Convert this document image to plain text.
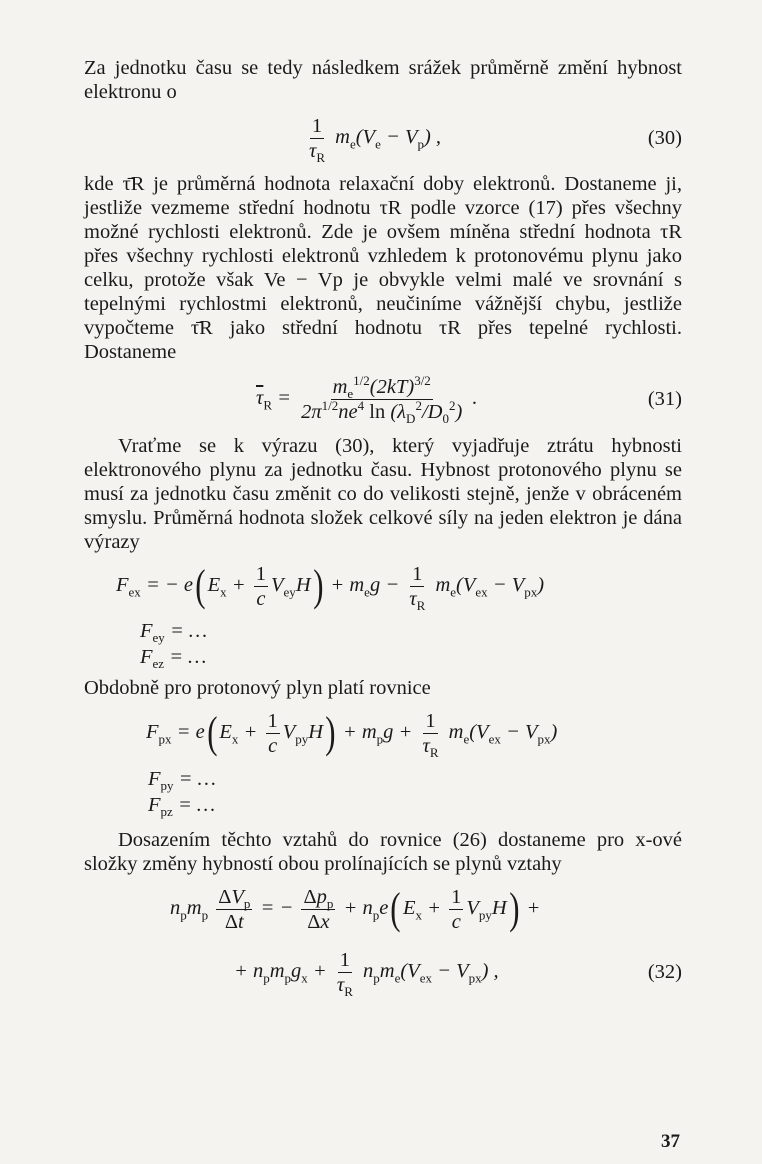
Za jednotku času se tedy následkem srážek průměrně změní hybnost elektronu o

$\frac{1}{\tau_R} m_e(V_e - V_p)$ ,	(30)

kde τ̄R je průměrná hodnota relaxační doby elektronů. Dostaneme ji, jestliže vezmeme střední hodnotu τR podle vzorce (17) přes všechny možné rychlosti elektronů. Zde je ovšem míněna střední hodnota τR přes všechny rychlosti elektronů vzhledem k protonovému plynu jako celku, protože však Ve − Vp je obvykle velmi malé ve srovnání s tepelnými rychlostmi elektronů, neučiníme vážnější chybu, jestliže vypočteme τ̄R jako střední hodnotu τR přes tepelné rychlosti. Dostaneme

$\overline{\tau}_R = \frac{m_e^{1/2}(2kT)^{3/2}}{2\pi^{1/2}ne^4 \ln (\lambda_D^2/D_0^2)}$ .	(31)

Vraťme se k výrazu (30), který vyjadřuje ztrátu hybnosti elektronového plynu za jednotku času. Hybnost protonového plynu se musí za jednotku času změnit co do velikosti stejně, jenže v obráceném smyslu. Průměrná hodnota složek celkové síly na jeden elektron je dána výrazy

$F_{ex}$ = − e( $E_x + \frac{1}{c} V_{ey}H) + m_eg - \frac{1}{\tau_R} m_e(V_{ex} - V_{px})$
$F_{ey}$ = …
$F_{ez}$ = …

Obdobně pro protonový plyn platí rovnice

$F_{px} = e$( $E_x + \frac{1}{c} V_{py}H) + m_pg + \frac{1}{\tau_R} m_e(V_{ex} - V_{px})$
$F_{py}$ = …
$F_{pz}$ = …

Dosazením těchto vztahů do rovnice (26) dostaneme pro x-ové složky změny hybností obou prolínajících se plynů vztahy

$n_pm_p \frac{\Delta V_p}{\Delta t}$ = − $\frac{\Delta p_p}{\Delta x} + n_pe$( $E_x + \frac{1}{c} V_{py}H$) +
+ $n_pm_pg_x + \frac{1}{\tau_R} n_pm_e(V_{ex} - V_{px})$ ,	(32)
37
